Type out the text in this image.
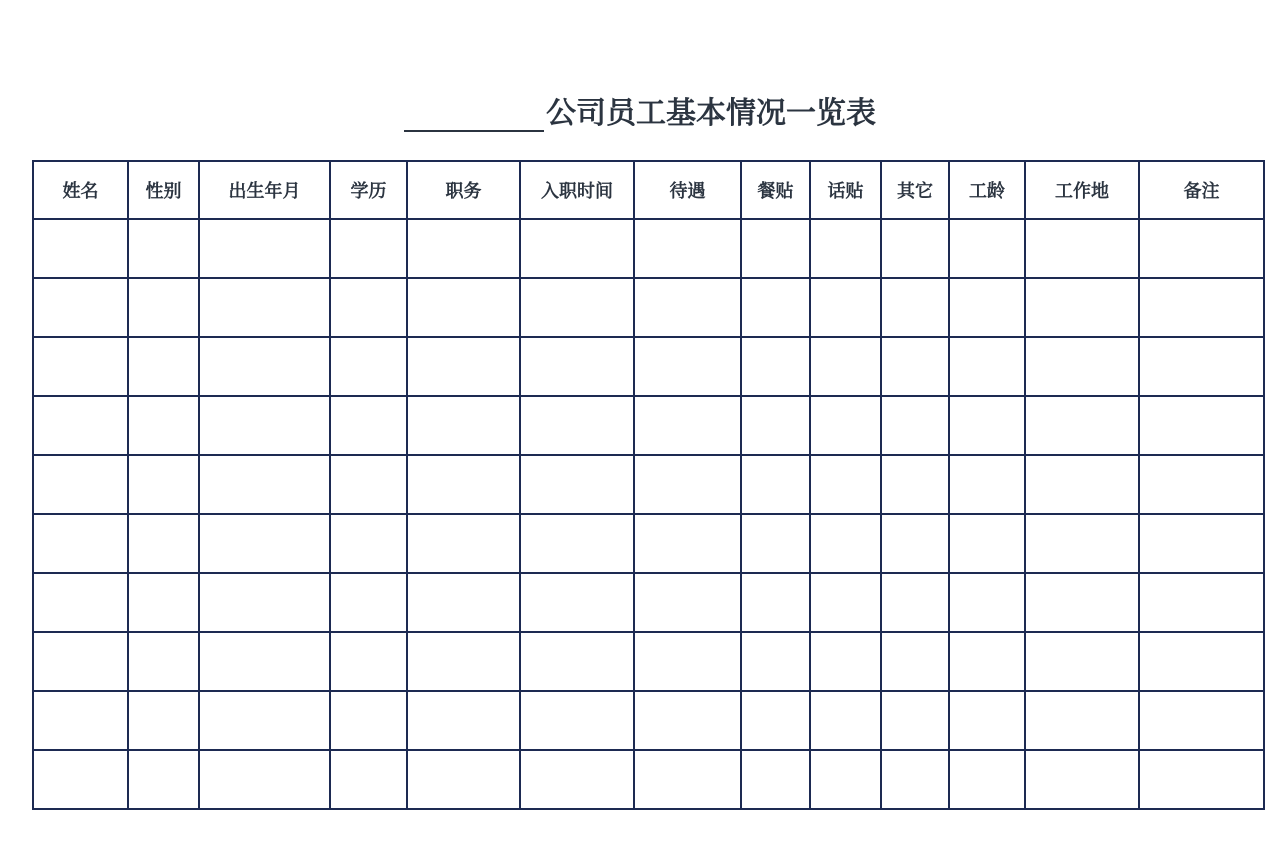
公司员工基本情况一览表
姓名	性别	出生年月	学历	职务	入职时间	待遇	餐贴	话贴	其它	工龄	工作地	备注
